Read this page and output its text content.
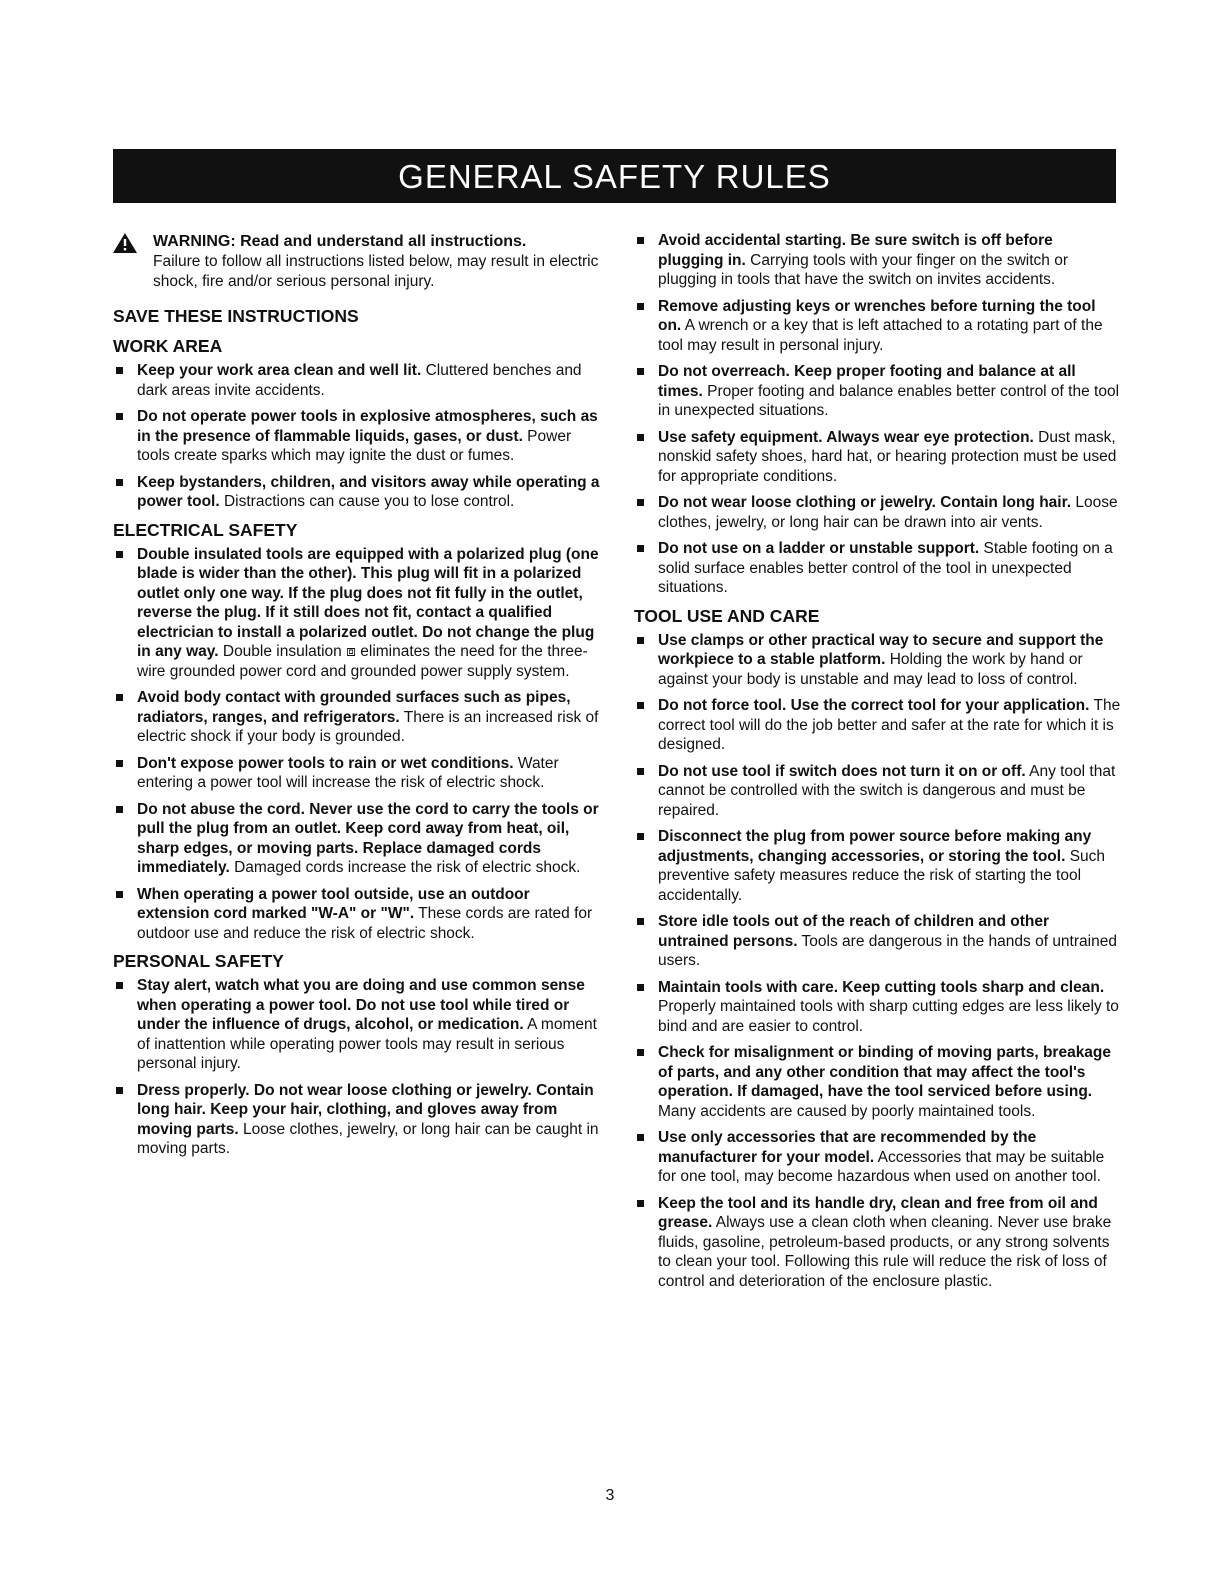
GENERAL SAFETY RULES
WARNING: Read and understand all instructions.
Failure to follow all instructions listed below, may result in electric shock, fire and/or serious personal injury.
SAVE THESE INSTRUCTIONS
WORK AREA
Keep your work area clean and well lit. Cluttered benches and dark areas invite accidents.
Do not operate power tools in explosive atmospheres, such as in the presence of flammable liquids, gases, or dust. Power tools create sparks which may ignite the dust or fumes.
Keep bystanders, children, and visitors away while operating a power tool. Distractions can cause you to lose control.
ELECTRICAL SAFETY
Double insulated tools are equipped with a polarized plug (one blade is wider than the other). This plug will fit in a polarized outlet only one way. If the plug does not fit fully in the outlet, reverse the plug. If it still does not fit, contact a qualified electrician to install a polarized outlet. Do not change the plug in any way. Double insulation ⧈ eliminates the need for the three-wire grounded power cord and grounded power supply system.
Avoid body contact with grounded surfaces such as pipes, radiators, ranges, and refrigerators. There is an increased risk of electric shock if your body is grounded.
Don't expose power tools to rain or wet conditions. Water entering a power tool will increase the risk of electric shock.
Do not abuse the cord. Never use the cord to carry the tools or pull the plug from an outlet. Keep cord away from heat, oil, sharp edges, or moving parts. Replace damaged cords immediately. Damaged cords increase the risk of electric shock.
When operating a power tool outside, use an outdoor extension cord marked "W-A" or "W". These cords are rated for outdoor use and reduce the risk of electric shock.
PERSONAL SAFETY
Stay alert, watch what you are doing and use common sense when operating a power tool. Do not use tool while tired or under the influence of drugs, alcohol, or medication. A moment of inattention while operating power tools may result in serious personal injury.
Dress properly. Do not wear loose clothing or jewelry. Contain long hair. Keep your hair, clothing, and gloves away from moving parts. Loose clothes, jewelry, or long hair can be caught in moving parts.
Avoid accidental starting. Be sure switch is off before plugging in. Carrying tools with your finger on the switch or plugging in tools that have the switch on invites accidents.
Remove adjusting keys or wrenches before turning the tool on. A wrench or a key that is left attached to a rotating part of the tool may result in personal injury.
Do not overreach. Keep proper footing and balance at all times. Proper footing and balance enables better control of the tool in unexpected situations.
Use safety equipment. Always wear eye protection. Dust mask, nonskid safety shoes, hard hat, or hearing protection must be used for appropriate conditions.
Do not wear loose clothing or jewelry. Contain long hair. Loose clothes, jewelry, or long hair can be drawn into air vents.
Do not use on a ladder or unstable support. Stable footing on a solid surface enables better control of the tool in unexpected situations.
TOOL USE AND CARE
Use clamps or other practical way to secure and support the workpiece to a stable platform. Holding the work by hand or against your body is unstable and may lead to loss of control.
Do not force tool. Use the correct tool for your application. The correct tool will do the job better and safer at the rate for which it is designed.
Do not use tool if switch does not turn it on or off. Any tool that cannot be controlled with the switch is dangerous and must be repaired.
Disconnect the plug from power source before making any adjustments, changing accessories, or storing the tool. Such preventive safety measures reduce the risk of starting the tool accidentally.
Store idle tools out of the reach of children and other untrained persons. Tools are dangerous in the hands of untrained users.
Maintain tools with care. Keep cutting tools sharp and clean. Properly maintained tools with sharp cutting edges are less likely to bind and are easier to control.
Check for misalignment or binding of moving parts, breakage of parts, and any other condition that may affect the tool's operation. If damaged, have the tool serviced before using. Many accidents are caused by poorly maintained tools.
Use only accessories that are recommended by the manufacturer for your model. Accessories that may be suitable for one tool, may become hazardous when used on another tool.
Keep the tool and its handle dry, clean and free from oil and grease. Always use a clean cloth when cleaning. Never use brake fluids, gasoline, petroleum-based products, or any strong solvents to clean your tool. Following this rule will reduce the risk of loss of control and deterioration of the enclosure plastic.
3
